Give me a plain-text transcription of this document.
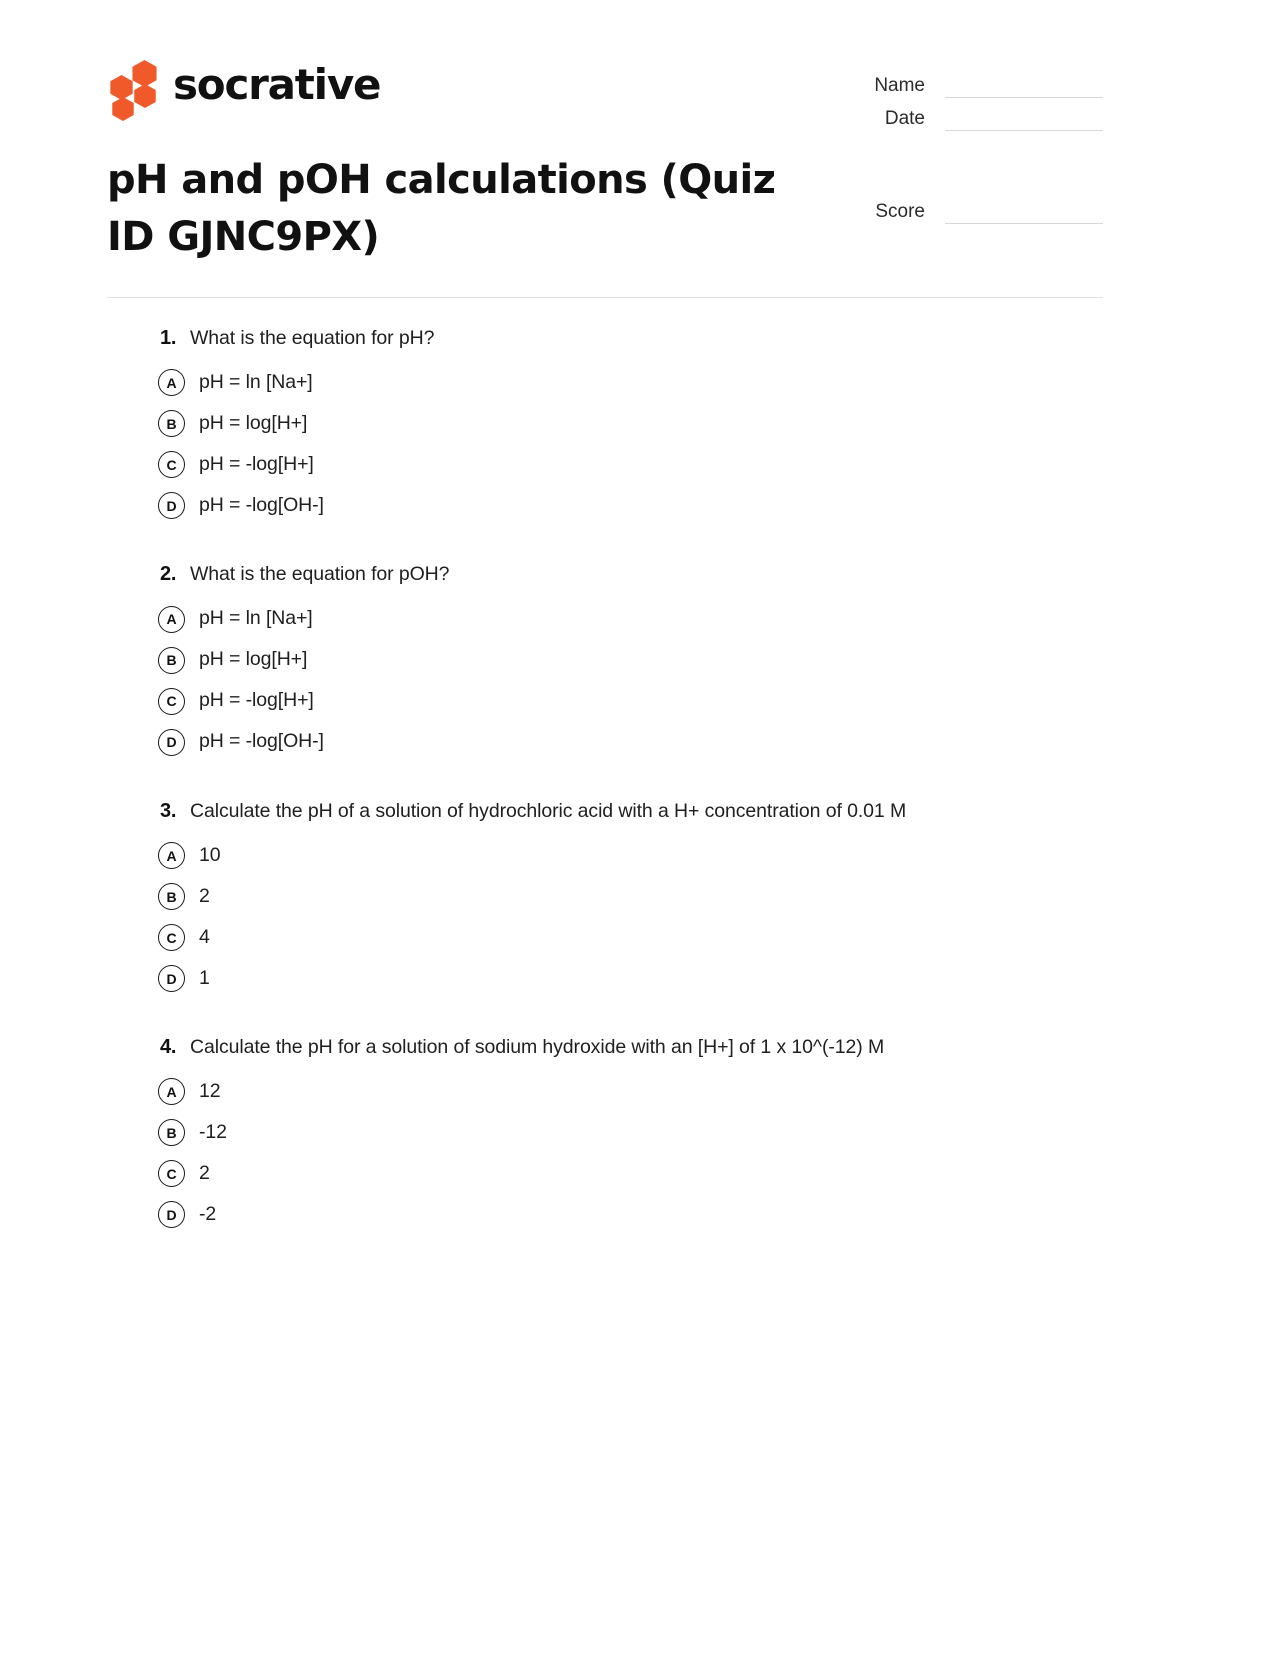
socrative	Name
Date
Score
pH and pOH calculations (Quiz ID GJNC9PX)
1. What is the equation for pH?
A	pH = ln [Na+]
B	pH = log[H+]
C	pH = -log[H+]
D	pH = -log[OH-]
2. What is the equation for pOH?
A	pH = ln [Na+]
B	pH = log[H+]
C	pH = -log[H+]
D	pH = -log[OH-]
3. Calculate the pH of a solution of hydrochloric acid with a H+ concentration of 0.01 M
A	10
B	2
C	4
D	1
4. Calculate the pH for a solution of sodium hydroxide with an [H+] of 1 x 10^(-12) M
A	12
B	-12
C	2
D	-2
